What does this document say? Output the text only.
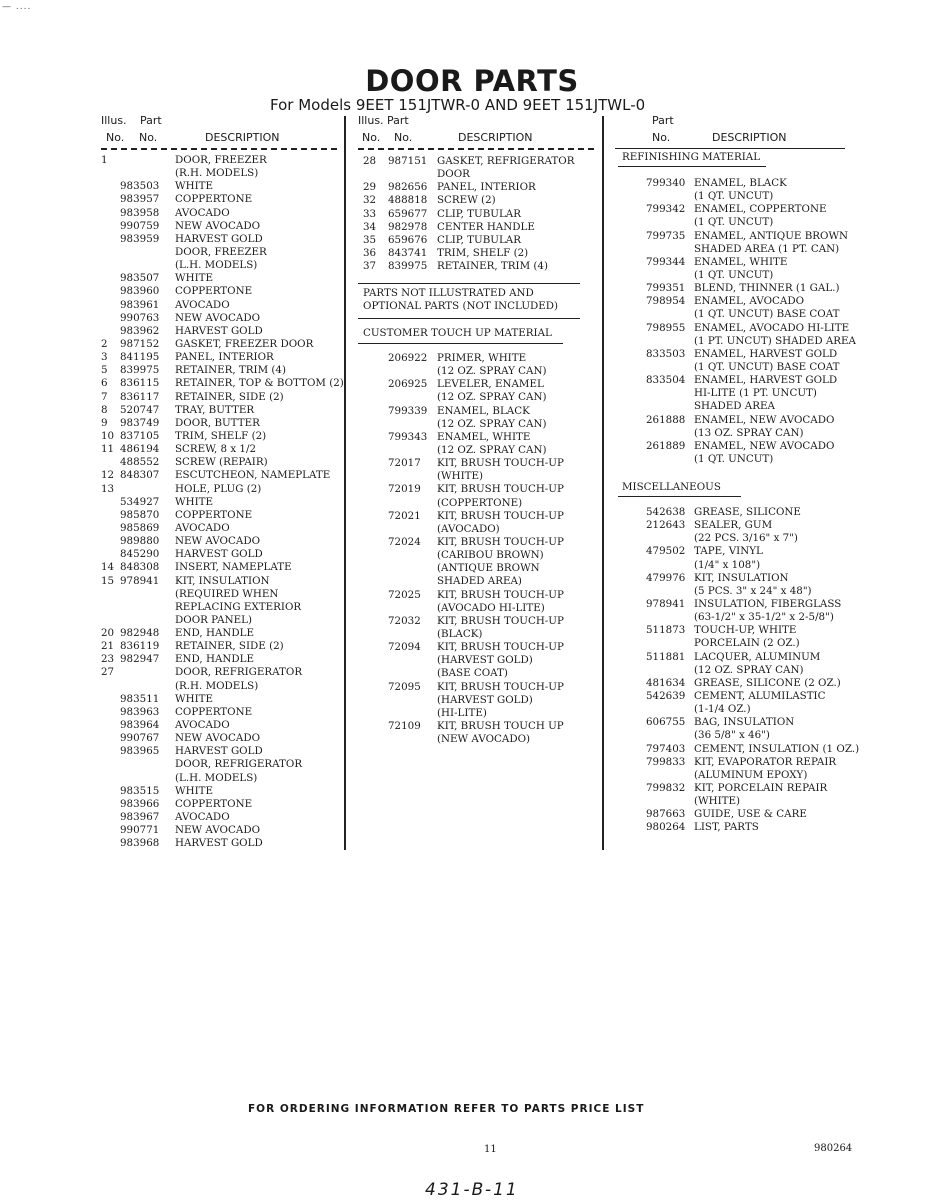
— ....
DOOR PARTS
For Models 9EET 151JTWR-0 AND 9EET 151JTWL-0
Illus. Part
No. No.	DESCRIPTION
Illus. Part
No. No.	DESCRIPTION
Part
No.	DESCRIPTION
1	DOOR, FREEZER
(R.H. MODELS)
983503 WHITE
983957 COPPERTONE
983958 AVOCADO
990759 NEW AVOCADO
983959 HARVEST GOLD
DOOR, FREEZER
(L.H. MODELS)
983507 WHITE
983960 COPPERTONE
983961 AVOCADO
990763 NEW AVOCADO
983962 HARVEST GOLD
2 987152 GASKET, FREEZER DOOR
3 841195 PANEL, INTERIOR
5 839975 RETAINER, TRIM (4)
6 836115 RETAINER, TOP & BOTTOM (2)
7 836117 RETAINER, SIDE (2)
8 520747 TRAY, BUTTER
9 983749 DOOR, BUTTER
10 837105 TRIM, SHELF (2)
11 486194 SCREW, 8 x 1/2
488552 SCREW (REPAIR)
12 848307 ESCUTCHEON, NAMEPLATE
13	HOLE, PLUG (2)
534927 WHITE
985870 COPPERTONE
985869 AVOCADO
989880 NEW AVOCADO
845290 HARVEST GOLD
14 848308 INSERT, NAMEPLATE
15 978941 KIT, INSULATION
(REQUIRED WHEN
REPLACING EXTERIOR
DOOR PANEL)
20 982948 END, HANDLE
21 836119 RETAINER, SIDE (2)
23 982947 END, HANDLE
27	DOOR, REFRIGERATOR
(R.H. MODELS)
983511 WHITE
983963 COPPERTONE
983964 AVOCADO
990767 NEW AVOCADO
983965 HARVEST GOLD
DOOR, REFRIGERATOR
(L.H. MODELS)
983515 WHITE
983966 COPPERTONE
983967 AVOCADO
990771 NEW AVOCADO
983968 HARVEST GOLD
28 987151 GASKET, REFRIGERATOR
DOOR
29 982656 PANEL, INTERIOR
32 488818 SCREW (2)
33 659677 CLIP, TUBULAR
34 982978 CENTER HANDLE
35 659676 CLIP, TUBULAR
36 843741 TRIM, SHELF (2)
37 839975 RETAINER, TRIM (4)
PARTS NOT ILLUSTRATED AND
OPTIONAL PARTS (NOT INCLUDED)
CUSTOMER TOUCH UP MATERIAL
206922 PRIMER, WHITE
(12 OZ. SPRAY CAN)
206925 LEVELER, ENAMEL
(12 OZ. SPRAY CAN)
799339 ENAMEL, BLACK
(12 OZ. SPRAY CAN)
799343 ENAMEL, WHITE
(12 OZ. SPRAY CAN)
72017 KIT, BRUSH TOUCH-UP
(WHITE)
72019 KIT, BRUSH TOUCH-UP
(COPPERTONE)
72021 KIT, BRUSH TOUCH-UP
(AVOCADO)
72024 KIT, BRUSH TOUCH-UP
(CARIBOU BROWN)
(ANTIQUE BROWN
SHADED AREA)
72025 KIT, BRUSH TOUCH-UP
(AVOCADO HI-LITE)
72032 KIT, BRUSH TOUCH-UP
(BLACK)
72094 KIT, BRUSH TOUCH-UP
(HARVEST GOLD)
(BASE COAT)
72095 KIT, BRUSH TOUCH-UP
(HARVEST GOLD)
(HI-LITE)
72109 KIT, BRUSH TOUCH UP
(NEW AVOCADO)
REFINISHING MATERIAL
799340 ENAMEL, BLACK
(1 QT. UNCUT)
799342 ENAMEL, COPPERTONE
(1 QT. UNCUT)
799735 ENAMEL, ANTIQUE BROWN
SHADED AREA (1 PT. CAN)
799344 ENAMEL, WHITE
(1 QT. UNCUT)
799351 BLEND, THINNER (1 GAL.)
798954 ENAMEL, AVOCADO
(1 QT. UNCUT) BASE COAT
798955 ENAMEL, AVOCADO HI-LITE
(1 PT. UNCUT) SHADED AREA
833503 ENAMEL, HARVEST GOLD
(1 QT. UNCUT) BASE COAT
833504 ENAMEL, HARVEST GOLD
HI-LITE (1 PT. UNCUT)
SHADED AREA
261888 ENAMEL, NEW AVOCADO
(13 OZ. SPRAY CAN)
261889 ENAMEL, NEW AVOCADO
(1 QT. UNCUT)
MISCELLANEOUS
542638 GREASE, SILICONE
212643 SEALER, GUM
(22 PCS. 3/16" x 7")
479502 TAPE, VINYL
(1/4" x 108")
479976 KIT, INSULATION
(5 PCS. 3" x 24" x 48")
978941 INSULATION, FIBERGLASS
(63-1/2" x 35-1/2" x 2-5/8")
511873 TOUCH-UP, WHITE
PORCELAIN (2 OZ.)
511881 LACQUER, ALUMINUM
(12 OZ. SPRAY CAN)
481634 GREASE, SILICONE (2 OZ.)
542639 CEMENT, ALUMILASTIC
(1-1/4 OZ.)
606755 BAG, INSULATION
(36 5/8" x 46")
797403 CEMENT, INSULATION (1 OZ.)
799833 KIT, EVAPORATOR REPAIR
(ALUMINUM EPOXY)
799832 KIT, PORCELAIN REPAIR
(WHITE)
987663 GUIDE, USE & CARE
980264 LIST, PARTS
FOR ORDERING INFORMATION REFER TO PARTS PRICE LIST
11	980264
431-B-11
